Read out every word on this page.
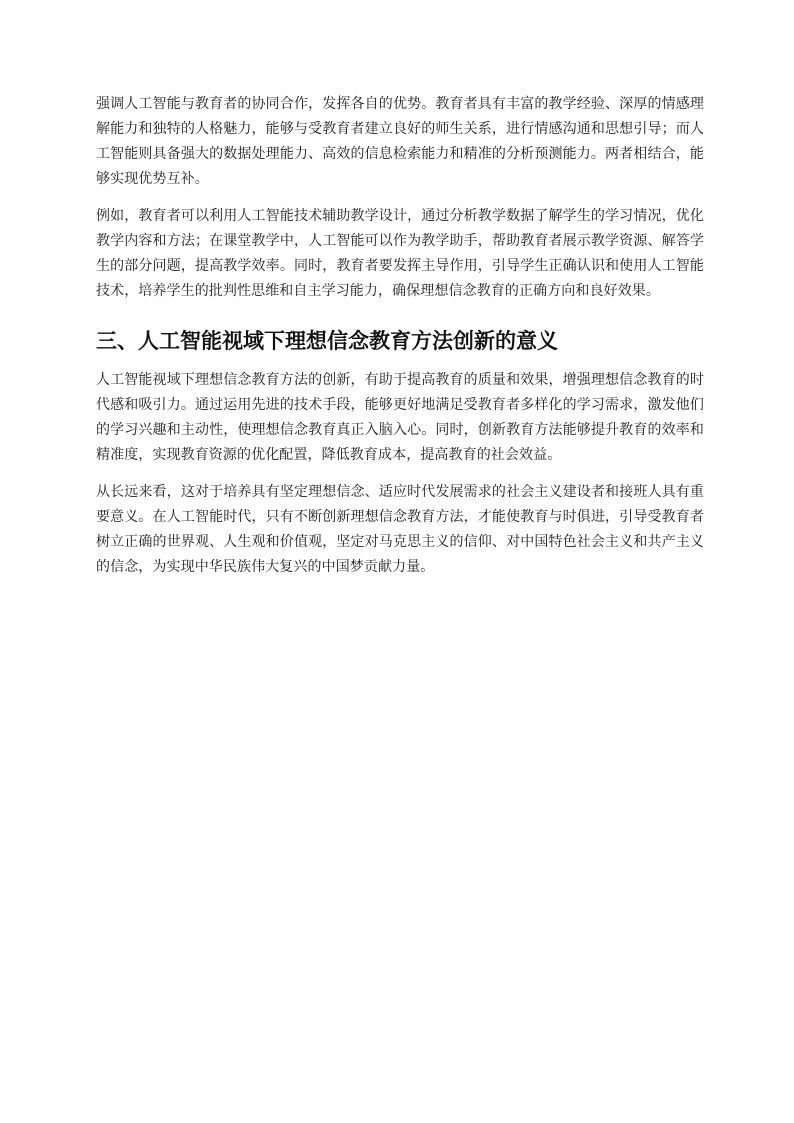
强调人工智能与教育者的协同合作，发挥各自的优势。教育者具有丰富的教学经验、深厚的情感理解能力和独特的人格魅力，能够与受教育者建立良好的师生关系，进行情感沟通和思想引导；而人工智能则具备强大的数据处理能力、高效的信息检索能力和精准的分析预测能力。两者相结合，能够实现优势互补。

例如，教育者可以利用人工智能技术辅助教学设计，通过分析教学数据了解学生的学习情况，优化教学内容和方法；在课堂教学中，人工智能可以作为教学助手，帮助教育者展示教学资源、解答学生的部分问题，提高教学效率。同时，教育者要发挥主导作用，引导学生正确认识和使用人工智能技术，培养学生的批判性思维和自主学习能力，确保理想信念教育的正确方向和良好效果。

三、人工智能视域下理想信念教育方法创新的意义

人工智能视域下理想信念教育方法的创新，有助于提高教育的质量和效果，增强理想信念教育的时代感和吸引力。通过运用先进的技术手段，能够更好地满足受教育者多样化的学习需求，激发他们的学习兴趣和主动性，使理想信念教育真正入脑入心。同时，创新教育方法能够提升教育的效率和精准度，实现教育资源的优化配置，降低教育成本，提高教育的社会效益。

从长远来看，这对于培养具有坚定理想信念、适应时代发展需求的社会主义建设者和接班人具有重要意义。在人工智能时代，只有不断创新理想信念教育方法，才能使教育与时俱进，引导受教育者树立正确的世界观、人生观和价值观，坚定对马克思主义的信仰、对中国特色社会主义和共产主义的信念，为实现中华民族伟大复兴的中国梦贡献力量。
